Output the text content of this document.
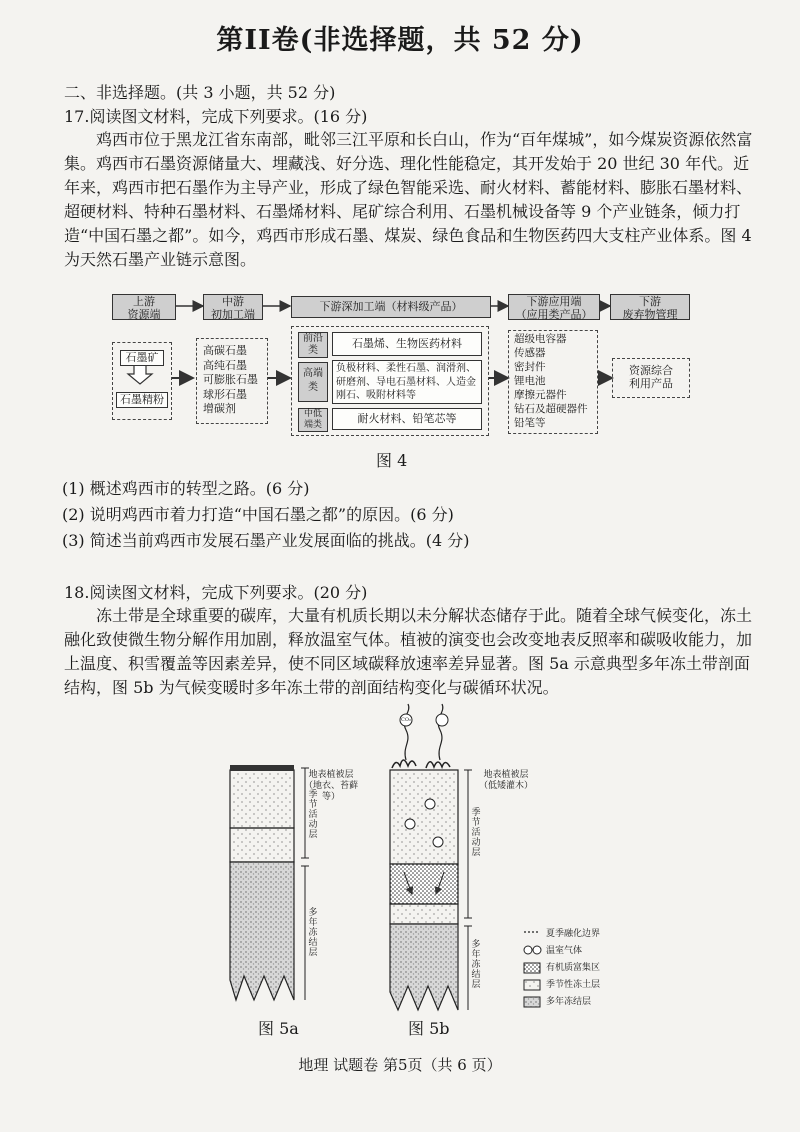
第II卷(非选择题，共 52 分)
二、非选择题。(共 3 小题，共 52 分)
17.阅读图文材料，完成下列要求。(16 分)

鸡西市位于黑龙江省东南部，毗邻三江平原和长白山，作为“百年煤城”，如今煤炭资源依然富集。鸡西市石墨资源储量大、埋藏浅、好分选、理化性能稳定，其开发始于 20 世纪 30 年代。近年来，鸡西市把石墨作为主导产业，形成了绿色智能采选、耐火材料、蓄能材料、膨胀石墨材料、超硬材料、特种石墨材料、石墨烯材料、尾矿综合利用、石墨机械设备等 9 个产业链条，倾力打造“中国石墨之都”。如今，鸡西市形成石墨、煤炭、绿色食品和生物医药四大支柱产业体系。图 4 为天然石墨产业链示意图。

上游
资源端
中游
初加工端
下游深加工端（材料级产品）	下游应用端
（应用类产品）
下游
废弃物管理
石墨矿
石墨精粉
高碳石墨
高纯石墨
可膨胀石墨
球形石墨
增碳剂
前沿
类
石墨烯、生物医药材料
高端
类
负极材料、柔性石墨、润滑剂、研磨剂、导电石墨材料、人造金刚石、吸附材料等
中低
端类	耐火材料、铅笔芯等
超级电容器
传感器
密封件
锂电池
摩擦元器件
钻石及超硬器件
铅笔等
资源综合
利用产品
图 4
(1) 概述鸡西市的转型之路。(6 分)
(2) 说明鸡西市着力打造“中国石墨之都”的原因。(6 分)
(3) 简述当前鸡西市发展石墨产业发展面临的挑战。(4 分)
18.阅读图文材料，完成下列要求。(20 分)

冻土带是全球重要的碳库，大量有机质长期以未分解状态储存于此。随着全球气候变化，冻土融化致使微生物分解作用加剧，释放温室气体。植被的演变也会改变地表反照率和碳吸收能力，加上温度、积雪覆盖等因素差异，使不同区域碳释放速率差异显著。图 5a 示意典型多年冻土带剖面结构，图 5b 为气候变暖时多年冻土带的剖面结构变化与碳循环状况。

地表植被层
（地衣、苔藓等）
季节活动层
多年冻结层
地表植被层
（低矮灌木）
季节活动层
多年冻结层
CO₂
夏季融化边界
温室气体
有机质富集区
季节性冻土层
多年冻结层
图 5a	图 5b
地理 试题卷 第5页（共 6 页）
